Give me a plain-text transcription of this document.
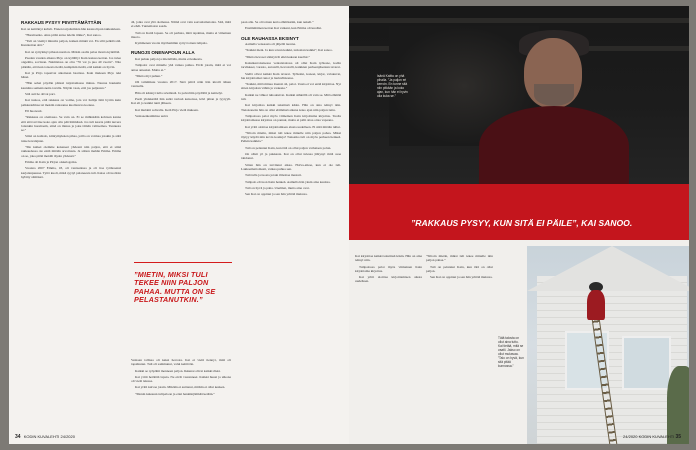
RAKKAUS PYSYY PIIVITTÄMÄTTÄIN

Kai on keittänyt kahvit. Ennen tarjoilemista hän kaataa lipun takkatuleen.

”Huomaatko. Aina pitää antaa tulelle tilkka”, Kai sanoo.

”Tuli on viemyt minulta paljon, kaiken minkä voi. En silti pelkää sitä. Kunnioitan sitä.”

Kai on syttyinkyt pihaan nuotion. Mökin osalla palaa monta kynttilää.

Paaden vauden alkana Pirjo on kyllällyt Kain kanssa kerran. Jos tulee ongelma, sovitaan. Naimisissa on oltu ”35 vat ja pua 40 vuotta”. Nite pitkään, että kun toisesta tietää, kumpikin tietää, että kaikki on hyvin.

Kai ja Pirjo tapasivat aikoinaan baarissa. Kain mukaan Pirjo teki hänet.

”Hän sehei pöydän päässä tuijottamassa minua. Naurua haukatin kauniina sementoneita tavalla. Näytin vaan, että jos paljastan.”

Sitä asti he olivat pari.

Kai tuskos, että rakkaus on voima, jota voi haltija ilmi byriin kuin palkkaaidmaa tai mekiin rantaansa kuolisuvaa kooksa.

Ell huonosti.

”Rakkaus on olemassa. Se vain on. Et se mihinkään kohtaan kanna että sitä tarvitse koko ajan olla päivittämässä. Jos tuli kaarta pitää nuvera loitenkin huomaam, siinä on minua ja joku tämän valitsemaa. Tunnusta se.”

Siinä on kohtalo, kiintymyksien pihaa, joilla on voimaa jotakin ja siitä tulee kavalajnan.

”Me kaikei olemme kokeneet yhdessä niin paljon, että ei siinä rakkaudessa ole enää mitään arvoitusta. Ja siitten mehän Emma. Emma on se, joka pitää meidät täysin yhdessä.”

Emma oli Kain ja Pirjon oiskelogoika.

Vuonna 2007 Emma, 18, oli ventaanissa ja oli itse tyttäreensä karjalanpuussa. Tyttö kuoli, mikä syytyi palaneesta tuli. Kaisa oli tuolloin hylätty silmässä.

dä, jotka ovat yhä olemassa. Nämä ovat vain saavuttamatonta. Sitä, mitä ei ehdi. Tuntematon saada.

Tuli on Kaitä lapsen. Se oli parhata, mitä tapahtua, mutta ei vimeinen muoto.

Kymmenen vuotta myöhemmin syttyi toinen tulipalo.

RUNOJS ONENAPOUN ALLA

Kai puhuu paljon ja mielellään, mutta ei kaikesta.

Tulipalot ovat minulle yhä vaikea puhua. Eivät jotain, mitä ei voi antaa anteeksi. Mutta ei.”

”Mutta myt puhun.”

Oli tammikuu vuonna 2017. Sinä päivä näin hän kiroili äänen ventaalla.

Hän oli käsinyt tulla sviemistä. Ja palveltiin pöydällä ja keittelyt.

Puoli yhdeksältä hän sulki verissä kaisoissa, kävi pihan ja tyytyyli. Kai eli jo kaikki tunti jälkeen.

Kai mulahti sohvalle. Ketä Pirjo vielä mukaan.

Ventaaenkaimmaa uaiva

”MIETIN, MIKSI TULI TEKEE NIIN PALJON PAHAA. MUTTA ON SE PELASTANUTKIN.”

Ventaan tallissa oli kaksi hevosta. Kai ei vielä tiennyt, mitä oli tapahtunut. Tuli oli sammunut, valui keittiöön.

Kaikki se ryöpähti menneen paljon. Ikkunat olivat kaikki rikki.

Kai yritti herättää lapsia. Ne eivät vastanneet. Kaikki huusi ja ulkona oli vielä tulessa.

Kai yritti kaivaa jotain. Mikään ei auttanut, mitään ei ollut kesken.

”Menin kaksuun tulipaloon ja ettei henkiinjäämää ketään.”

paan alle. Se oli toinen kerta elämässäni, kun nekeli.”

Ensimmäinen kerran Kai vaikeni, kun Emma oli kuollut.

OLE RAUHASSA EKSINYT

Aamulla vensaasta oli jäljellä tuonna.

”Kaikki meni. Ja kun savun kaikki, tarkoitan kaikki”, Kai sanoo.

”Mutta hevoset säästyivät eikä kukaan kuollut.”

Kaksikerroksisessa ventaistalossa oli ollut Kain työkone, kodin tarvikkeet, varasto, autotalli, hevostalli, kaikkien perheenjäsenten tavarat.

Siellä olivat kaikki Kain tavarat. Työkalut, koneet, kirjat, valokuvat, hie kirjoittamat runot ja lauluvihkonsa.

”Kaikki, mitä minua itsensä oli, paloi. Uusia ei voi enää kirjoittaa. Nyt sitten kirjoitan vähän ja vaakana.”

Kaikki ne vihkot tuhoutuivat. Kaikki sähköllä oli vain se. Mitä elämää tuli.

Kai kirjoittaa kaikki tekstinsä käsin. Hän on aina tehnyt niin. Tietokoneita hän on ollut elämänsä aikana koko ajan niin paljon tuttu.

Tulipalossa paloi myös viimeinen Kain kirjoittama kirjoitus. Tuolla kirjoittamassa kirjoitus on pannut, mutta ei pidä ottaa ottaa vapaana.

Kai yritti aloittaa kirjoittamisen alusta uudelleen. Ei siitä mitään tullut.

”Siltoin mietin, miksi tuli tekee minulle niin paljon pahaa. Miksi täytyy käydä niin kovia kouluja? Tunsatko tuli on myös perheen henkeä. Pelkin kaikkia.”

Tuli on pelannut Kain, kun tätä on ollut paljon varhaisen polun.

On olluit yö ja pakkasia. Kai on ollut tulessa jäätynyt mitä osaa tahdonut.

Sitten hän on tarvinnut aikaa. Holva-aikaa, kun ei ole tuli. Lakkaamattomasti, vaikea puhua sen.

Tuli tulla ja tuosta jotain ilmoitaa mestari.

Tulipalo eli tuon Kain henkeä. Aamulla hän yksin aina kauttaa.

Tuli on hyvä ja paha. Unelmat, mutta aina ovat.

Sen Kai on oppinut ja sen hän yrittää muistaa.

34 KODIN KUVALEHTI 24/2020
Isänä Kaitta on yhä pihalla. ”Ja paljon eri kerroin. En tunne sitä niin pitkään ja koko ajan, kun hän ei hyvin olla kuka se.”
”RAKKAUS PYSYY, KUN SITÄ EI PÄILE”, KAI SANOO.

Kai kirjoittaa kaikki tekstinsä käsin. Hän on aina tehnyt niin.

Tulipalossa paloi myös viimeinen Kain kirjoittama kirjoitus.

Kai yritti aloittaa kirjoittamisen alusta uudelleen.

”Siltoin mietin, miksi tuli tekee minulle niin paljon pahaa.”

Tuli on pelannut Kain, kun tätä on ollut paljon.

Sen Kai on oppinut ja sen hän yrittää muistaa.

Tätä talosta on ollut aina tuttu. Kai tietää, mitä se vaatii. Jakso on ollut mukavaa. ”Talo on hyvä, kun sitä pitää kunnossa.”
24/2020 KODIN KUVALEHTI 35
